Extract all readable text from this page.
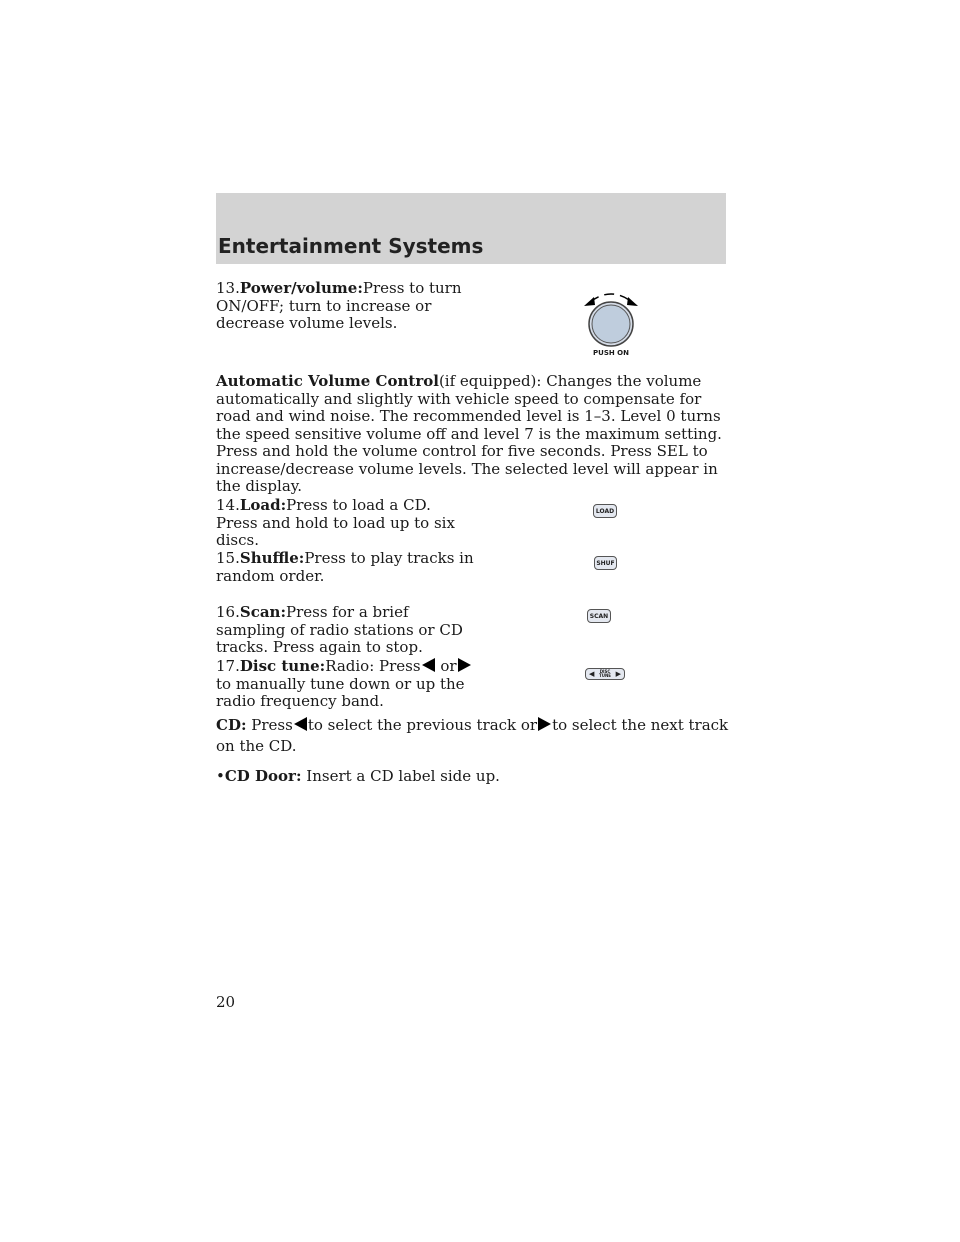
Entertainment Systems

13.Power/volume:Press to turn ON/OFF; turn to increase or decrease volume levels.

PUSH ON

Automatic Volume Control(if equipped): Changes the volume automatically and slightly with vehicle speed to compensate for road and wind noise. The recommended level is 1–3. Level 0 turns the speed sensitive volume off and level 7 is the maximum setting.
Press and hold the volume control for five seconds. Press SEL to increase/decrease volume levels. The selected level will appear in the display.

14.Load:Press to load a CD. Press and hold to load up to six discs.

LOAD

15.Shuffle:Press to play tracks in random order.

SHUF

16.Scan:Press for a brief sampling of radio stations or CD tracks. Press again to stop.

SCAN

17.Disc tune:Radio: Press or to manually tune down or up the radio frequency band.

◀	DISC TUNE ▶

CD: Press to select the previous track or to select the next track on the CD.

•CD Door: Insert a CD label side up.

20
